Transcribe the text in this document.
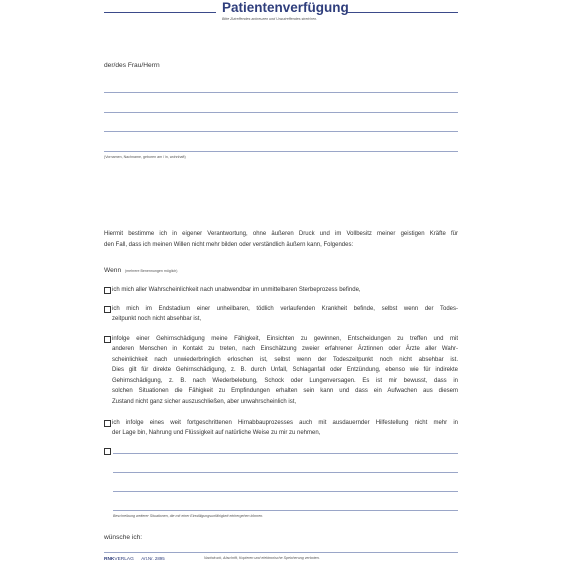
Patientenverfügung
Bitte Zutreffendes ankreuzen und Unzutreffendes streichen.
der/des Frau/Herrn
(Vornamen, Nachname, geboren am / in, wohnhaft)
Hiermit bestimme ich in eigener Verantwortung, ohne äußeren Druck und im Vollbesitz meiner geistigen Kräfte für
den Fall, dass ich meinen Willen nicht mehr bilden oder verständlich äußern kann, Folgendes:
Wenn (mehrere Benennungen möglich)
ich mich aller Wahrscheinlichkeit nach unabwendbar im unmittelbaren Sterbeprozess befinde,
ich mich im Endstadium einer unheilbaren, tödlich verlaufenden Krankheit befinde, selbst wenn der Todes-
zeitpunkt noch nicht absehbar ist,
infolge einer Gehirnschädigung meine Fähigkeit, Einsichten zu gewinnen, Entscheidungen zu treffen und mit
anderen Menschen in Kontakt zu treten, nach Einschätzung zweier erfahrener Ärztinnen oder Ärzte aller Wahr-
scheinlichkeit nach unwiederbringlich erloschen ist, selbst wenn der Todeszeitpunkt noch nicht absehbar ist.
Dies gilt für direkte Gehirnschädigung, z. B. durch Unfall, Schlaganfall oder Entzündung, ebenso wie für indirekte
Gehirnschädigung, z. B. nach Wiederbelebung, Schock oder Lungenversagen. Es ist mir bewusst, dass in
solchen Situationen die Fähigkeit zu Empfindungen erhalten sein kann und dass ein Aufwachen aus diesem
Zustand nicht ganz sicher auszuschließen, aber unwahrscheinlich ist,
ich infolge eines weit fortgeschrittenen Hirnabbauprozesses auch mit ausdauernder Hilfestellung nicht mehr in
der Lage bin, Nahrung und Flüssigkeit auf natürliche Weise zu mir zu nehmen,
Beschreibung weiterer Situationen, die mit einer Einwilligungsunfähigkeit einhergehen können.
wünsche ich:
RNKVERLAG Art.Nr. 2895	Nachdruck, Abschrift, Kopieren und elektronische Speicherung verboten.
